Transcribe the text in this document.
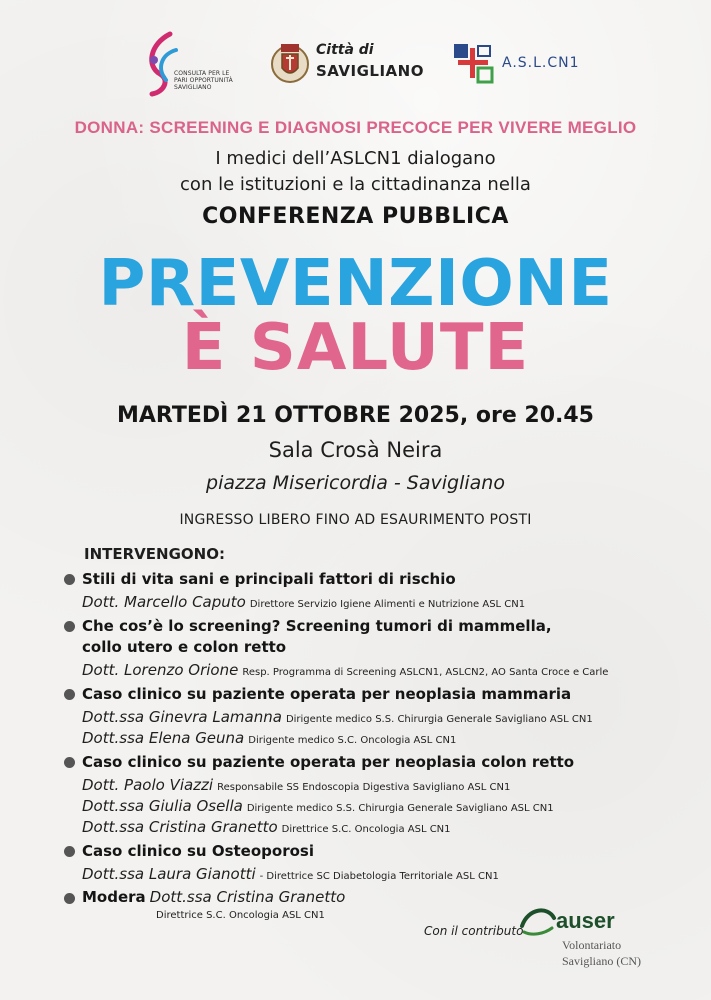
CONSULTA PER LE
PARI OPPORTUNITÀ
SAVIGLIANO
Città di
SAVIGLIANO	A.S.L.CN1
DONNA: SCREENING E DIAGNOSI PRECOCE PER VIVERE MEGLIO
I medici dell’ASLCN1 dialogano
con le istituzioni e la cittadinanza nella
CONFERENZA PUBBLICA
PREVENZIONE
È SALUTE
MARTEDÌ 21 OTTOBRE 2025, ore 20.45
Sala Crosà Neira
piazza Misericordia - Savigliano
INGRESSO LIBERO FINO AD ESAURIMENTO POSTI
INTERVENGONO:
Stili di vita sani e principali fattori di rischio
Dott. Marcello Caputo Direttore Servizio Igiene Alimenti e Nutrizione ASL CN1
Che cos’è lo screening? Screening tumori di mammella,
collo utero e colon retto
Dott. Lorenzo Orione Resp. Programma di Screening ASLCN1, ASLCN2, AO Santa Croce e Carle
Caso clinico su paziente operata per neoplasia mammaria
Dott.ssa Ginevra Lamanna Dirigente medico S.S. Chirurgia Generale Savigliano ASL CN1
Dott.ssa Elena Geuna Dirigente medico S.C. Oncologia ASL CN1
Caso clinico su paziente operata per neoplasia colon retto
Dott. Paolo Viazzi Responsabile SS Endoscopia Digestiva Savigliano ASL CN1
Dott.ssa Giulia Osella Dirigente medico S.S. Chirurgia Generale Savigliano ASL CN1
Dott.ssa Cristina Granetto Direttrice S.C. Oncologia ASL CN1
Caso clinico su Osteoporosi
Dott.ssa Laura Gianotti - Direttrice SC Diabetologia Territoriale ASL CN1
Modera Dott.ssa Cristina Granetto
Direttrice S.C. Oncologia ASL CN1
Con il contributo auser
Volontariato
Savigliano (CN)
